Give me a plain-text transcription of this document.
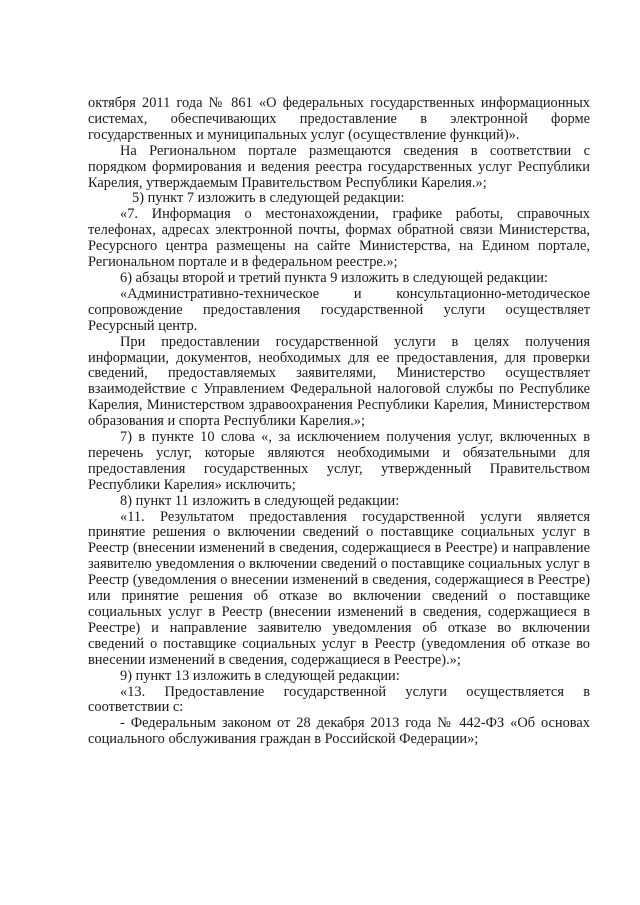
октября 2011 года № 861 «О федеральных государственных информационных системах, обеспечивающих предоставление в электронной форме государственных и муниципальных услуг (осуществление функций)».

На Региональном портале размещаются сведения в соответствии с порядком формирования и ведения реестра государственных услуг Республики Карелия, утверждаемым Правительством Республики Карелия.»;

5) пункт 7 изложить в следующей редакции:

«7. Информация о местонахождении, графике работы, справочных телефонах, адресах электронной почты, формах обратной связи Министерства, Ресурсного центра размещены на сайте Министерства, на Едином портале, Региональном портале и в федеральном реестре.»;

6) абзацы второй и третий пункта 9 изложить в следующей редакции:

«Административно-техническое и консультационно-методическое сопровождение предоставления государственной услуги осуществляет Ресурсный центр.

При предоставлении государственной услуги в целях получения информации, документов, необходимых для ее предоставления, для проверки сведений, предоставляемых заявителями, Министерство осуществляет взаимодействие с Управлением Федеральной налоговой службы по Республике Карелия, Министерством здравоохранения Республики Карелия, Министерством образования и спорта Республики Карелия.»;

7) в пункте 10 слова «, за исключением получения услуг, включенных в перечень услуг, которые являются необходимыми и обязательными для предоставления государственных услуг, утвержденный Правительством Республики Карелия» исключить;

8) пункт 11 изложить в следующей редакции:

«11. Результатом предоставления государственной услуги является принятие решения о включении сведений о поставщике социальных услуг в Реестр (внесении изменений в сведения, содержащиеся в Реестре) и направление заявителю уведомления о включении сведений о поставщике социальных услуг в Реестр (уведомления о внесении изменений в сведения, содержащиеся в Реестре) или принятие решения об отказе во включении сведений о поставщике социальных услуг в Реестр (внесении изменений в сведения, содержащиеся в Реестре) и направление заявителю уведомления об отказе во включении сведений о поставщике социальных услуг в Реестр (уведомления об отказе во внесении изменений в сведения, содержащиеся в Реестре).»;

9) пункт 13 изложить в следующей редакции:

«13. Предоставление государственной услуги осуществляется в соответствии с:

- Федеральным законом от 28 декабря 2013 года № 442-ФЗ «Об основах социального обслуживания граждан в Российской Федерации»;
